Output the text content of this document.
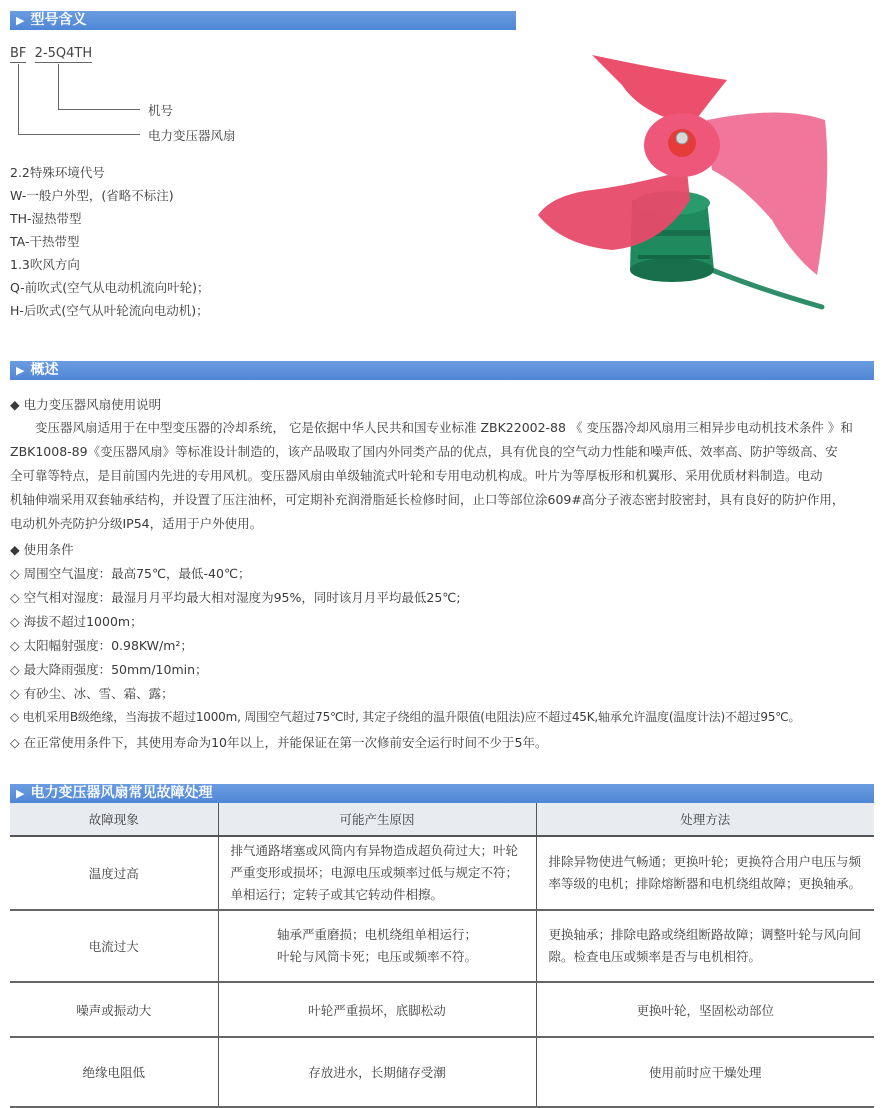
▶ 型号含义
BF 2-5Q4TH
机号
电力变压器风扇
2.2特殊环境代号
W-一般户外型，(省略不标注)
TH-湿热带型
TA-干热带型
1.3吹风方向
Q-前吹式(空气从电动机流向叶轮)；
H-后吹式(空气从叶轮流向电动机)；
▶ 概述
◆ 电力变压器风扇使用说明
　　变压器风扇适用于在中型变压器的冷却系统， 它是依据中华人民共和国专业标准 ZBK22002-88 《 变压器冷却风扇用三相异步电动机技术条件 》和
ZBK1008-89《变压器风扇》等标准设计制造的，该产品吸取了国内外同类产品的优点，具有优良的空气动力性能和噪声低、效率高、防护等级高、安
全可靠等特点，是目前国内先进的专用风机。变压器风扇由单级轴流式叶轮和专用电动机构成。叶片为等厚板形和机翼形、采用优质材料制造。电动
机轴伸端采用双套轴承结构，并设置了压注油杯，可定期补充润滑脂延长检修时间，止口等部位涂609#高分子液态密封胶密封，具有良好的防护作用，
电动机外壳防护分级IP54，适用于户外使用。
◆ 使用条件
◇ 周围空气温度：最高75℃，最低-40℃；
◇ 空气相对湿度：最湿月月平均最大相对湿度为95%，同时该月月平均最低25℃;
◇ 海拔不超过1000m；
◇ 太阳幅射强度：0.98KW/m²；
◇ 最大降雨强度：50mm/10min；
◇ 有砂尘、冰、雪、霜、露；
◇ 电机采用B级绝缘，当海拔不超过1000m, 周围空气超过75℃时, 其定子绕组的温升限值(电阻法)应不超过45K,轴承允许温度(温度计法)不超过95℃。
◇ 在正常使用条件下，其使用寿命为10年以上，并能保证在第一次修前安全运行时间不少于5年。
▶ 电力变压器风扇常见故障处理
故障现象	可能产生原因	处理方法
温度过高	排气通路堵塞或风筒内有异物造成超负荷过大；叶轮严重变形或损坏；电源电压或频率过低与规定不符；单相运行；定转子或其它转动件相擦。	排除异物使进气畅通；更换叶轮；更换符合用户电压与频率等级的电机；排除熔断器和电机绕组故障；更换轴承。
电流过大	轴承严重磨损；电机绕组单相运行；
叶轮与风筒卡死；电压或频率不符。	更换轴承；排除电路或绕组断路故障；调整叶轮与风向间隙。检查电压或频率是否与电机相符。
噪声或振动大	叶轮严重损坏，底脚松动	更换叶轮，坚固松动部位
绝缘电阻低	存放进水，长期储存受潮	使用前时应干燥处理
